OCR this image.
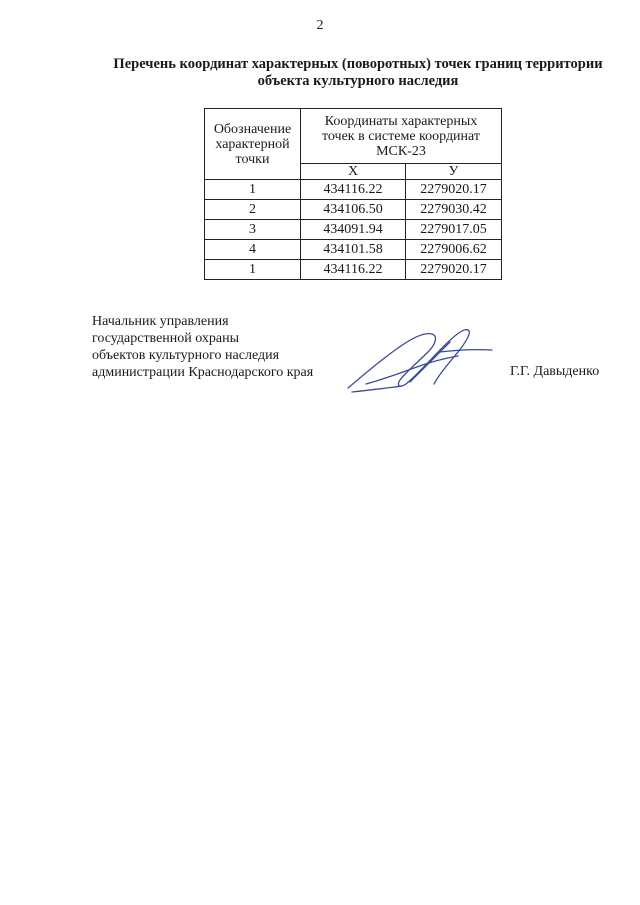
2
Перечень координат характерных (поворотных) точек границ территории объекта культурного наследия
Обозначение
характерной
точки	Координаты характерных
точек в системе координат
МСК-23	
	Х	У
1	434116.22	2279020.17
2	434106.50	2279030.42
3	434091.94	2279017.05
4	434101.58	2279006.62
1	434116.22	2279020.17
Начальник управления
государственной охраны
объектов культурного наследия
администрации Краснодарского края	Г.Г. Давыденко
